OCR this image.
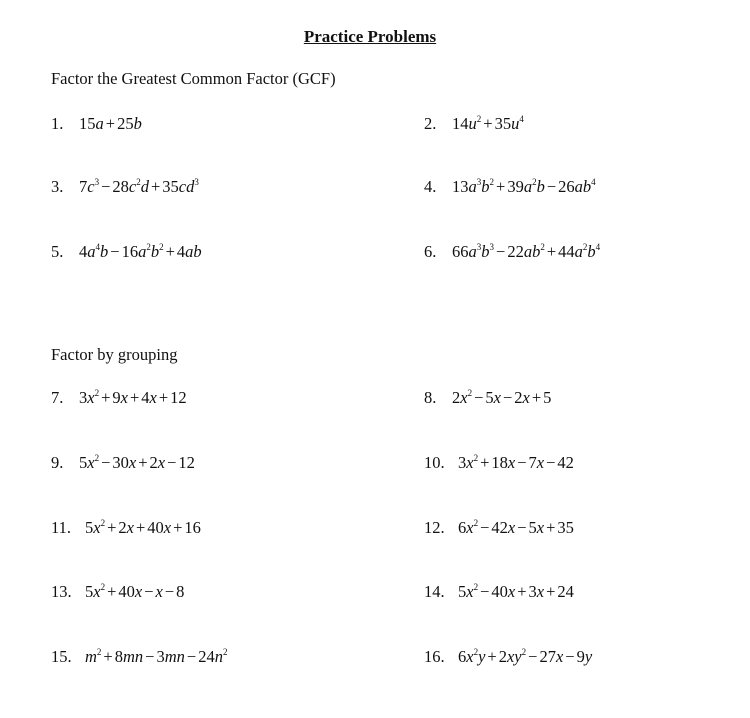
Practice Problems
Factor the Greatest Common Factor (GCF)
Factor by grouping
1. 15a + 25b	2. $14u^2 + 35u^4$
3. $7c^3 - 28c^2d + 35cd^3$	4. $13a^3b^2 + 39a^2b - 26ab^4$
5. $4a^4b - 16a^2b^2 + 4ab$	6. $66a^3b^3 - 22ab^2 + 44a^2b^4$
7. $3x^2 + 9x + 4x + 12$	8. $2x^2 - 5x - 2x + 5$
9. $5x^2 - 30x + 2x - 12$	10. $3x^2 + 18x - 7x - 42$
11. $5x^2 + 2x + 40x + 16$	12. $6x^2 - 42x - 5x + 35$
13. $5x^2 + 40x - x - 8$	14. $5x^2 - 40x + 3x + 24$
15. $m^2 + 8mn - 3mn - 24n^2$	16. $6x^2y + 2xy^2 - 27x - 9y$
